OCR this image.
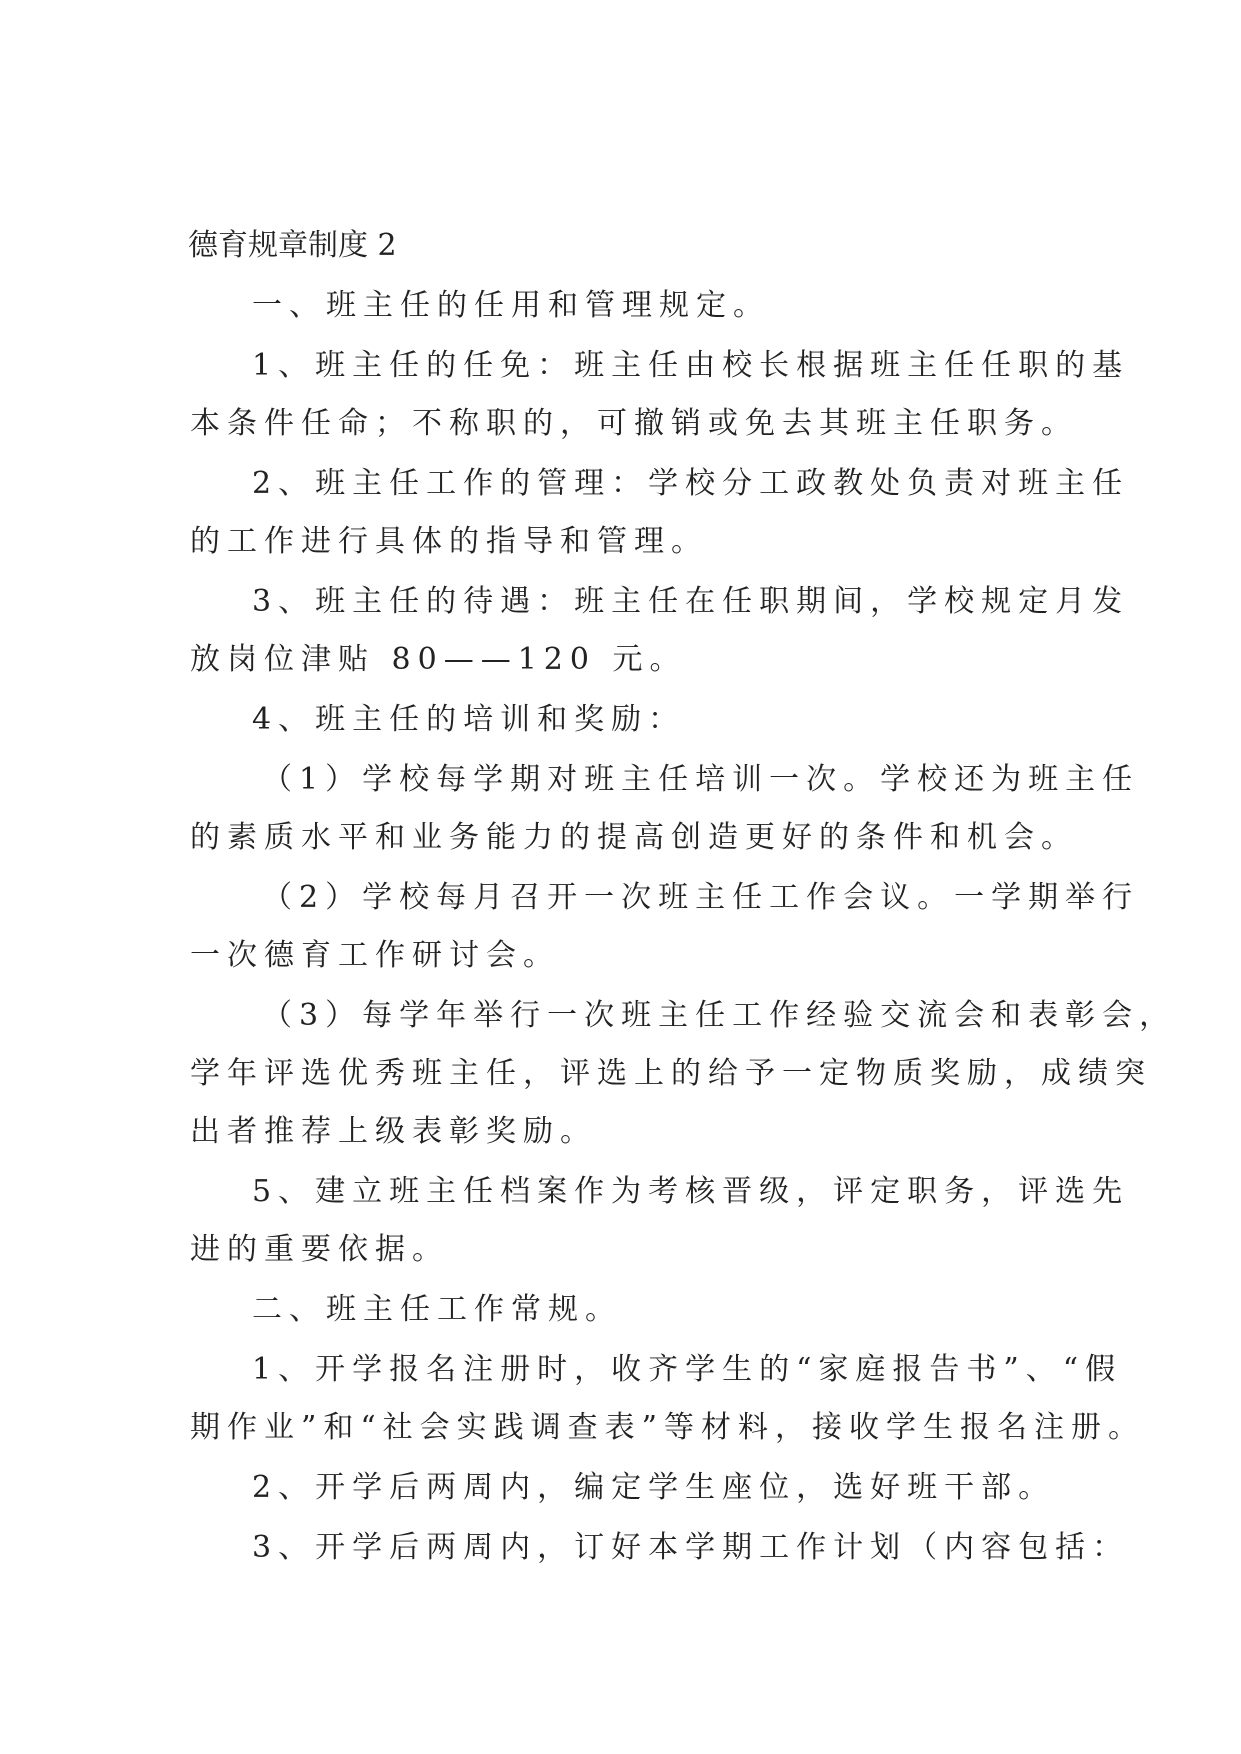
德育规章制度 2

一、班主任的任用和管理规定。

1、班主任的任免：班主任由校长根据班主任任职的基

本条件任命；不称职的，可撤销或免去其班主任职务。

2、班主任工作的管理：学校分工政教处负责对班主任

的工作进行具体的指导和管理。

3、班主任的待遇：班主任在任职期间，学校规定月发

放岗位津贴 80——120 元。

4、班主任的培训和奖励：

（1）学校每学期对班主任培训一次。学校还为班主任

的素质水平和业务能力的提高创造更好的条件和机会。

（2）学校每月召开一次班主任工作会议。一学期举行

一次德育工作研讨会。

（3）每学年举行一次班主任工作经验交流会和表彰会，

学年评选优秀班主任，评选上的给予一定物质奖励，成绩突

出者推荐上级表彰奖励。

5、建立班主任档案作为考核晋级，评定职务，评选先

进的重要依据。

二、班主任工作常规。

1、开学报名注册时，收齐学生的“家庭报告书”、“假

期作业”和“社会实践调查表”等材料，接收学生报名注册。

2、开学后两周内，编定学生座位，选好班干部。

3、开学后两周内，订好本学期工作计划（内容包括：
